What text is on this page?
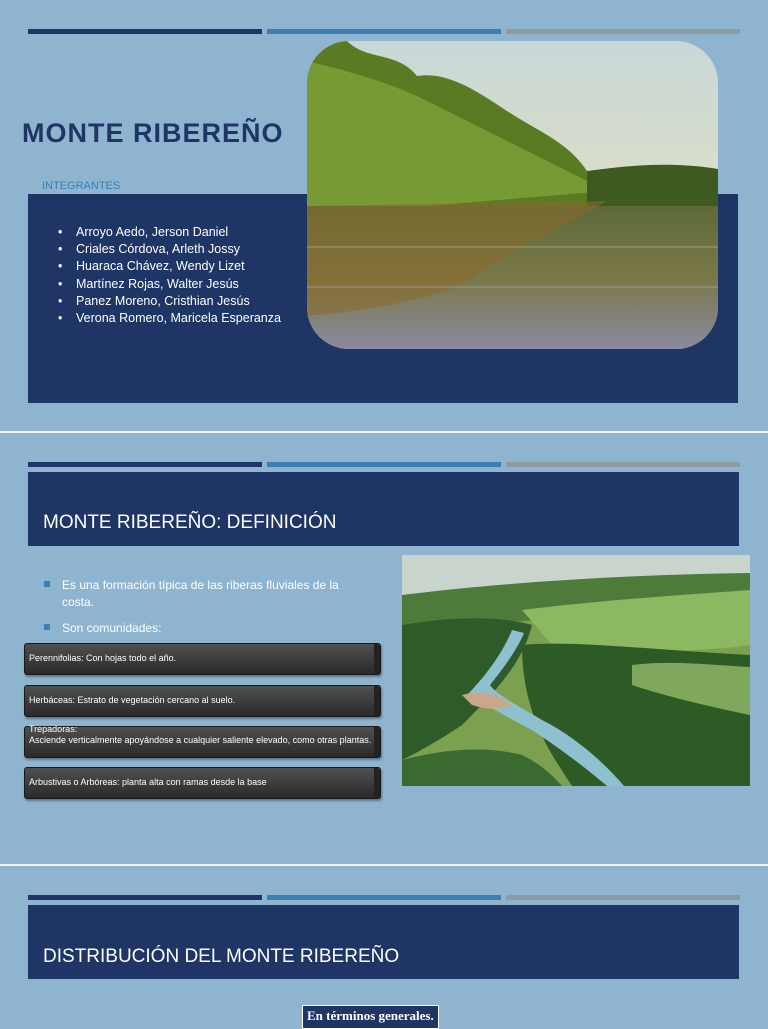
MONTE RIBEREÑO
INTEGRANTES
• Arroyo Aedo, Jerson Daniel
• Criales Córdova, Arleth Jossy
• Huaraca Chávez, Wendy Lizet
• Martínez Rojas, Walter Jesús
• Panez Moreno, Cristhian Jesús
• Verona Romero, Maricela Esperanza
MONTE RIBEREÑO: DEFINICIÓN
Es una formación típica de las riberas fluviales de la costa.
Son comunidades:
Perennifolias: Con hojas todo el año.
Herbáceas: Estrato de vegetación cercano al suelo.
Trepadoras:
Asciende verticalmente apoyándose a cualquier saliente elevado, como otras plantas.
Arbustivas o Arbóreas: planta alta con ramas desde la base
DISTRIBUCIÓN DEL MONTE RIBEREÑO
En términos generales.
